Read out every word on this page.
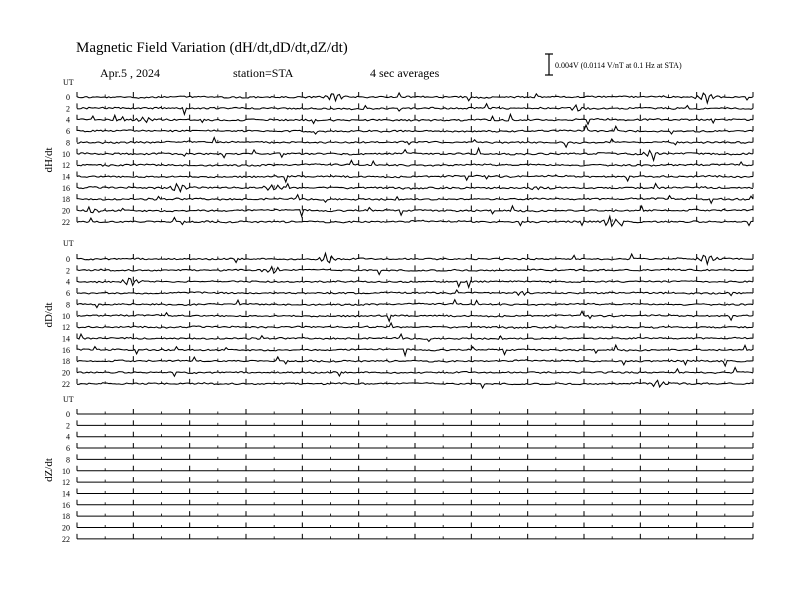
UT
dH/dt
0
2
4
6
8
10
12
14
16
18
20
22
UT
dD/dt
0
2
4
6
8
10
12
14
16
18
20
22
UT
dZ/dt
0
2
4
6
8
10
12
14
16
18
20
22
Magnetic Field Variation (dH/dt,dD/dt,dZ/dt)
Apr.5 , 2024	station=STA	4 sec averages
0.004V (0.0114 V/nT at 0.1 Hz at STA)
